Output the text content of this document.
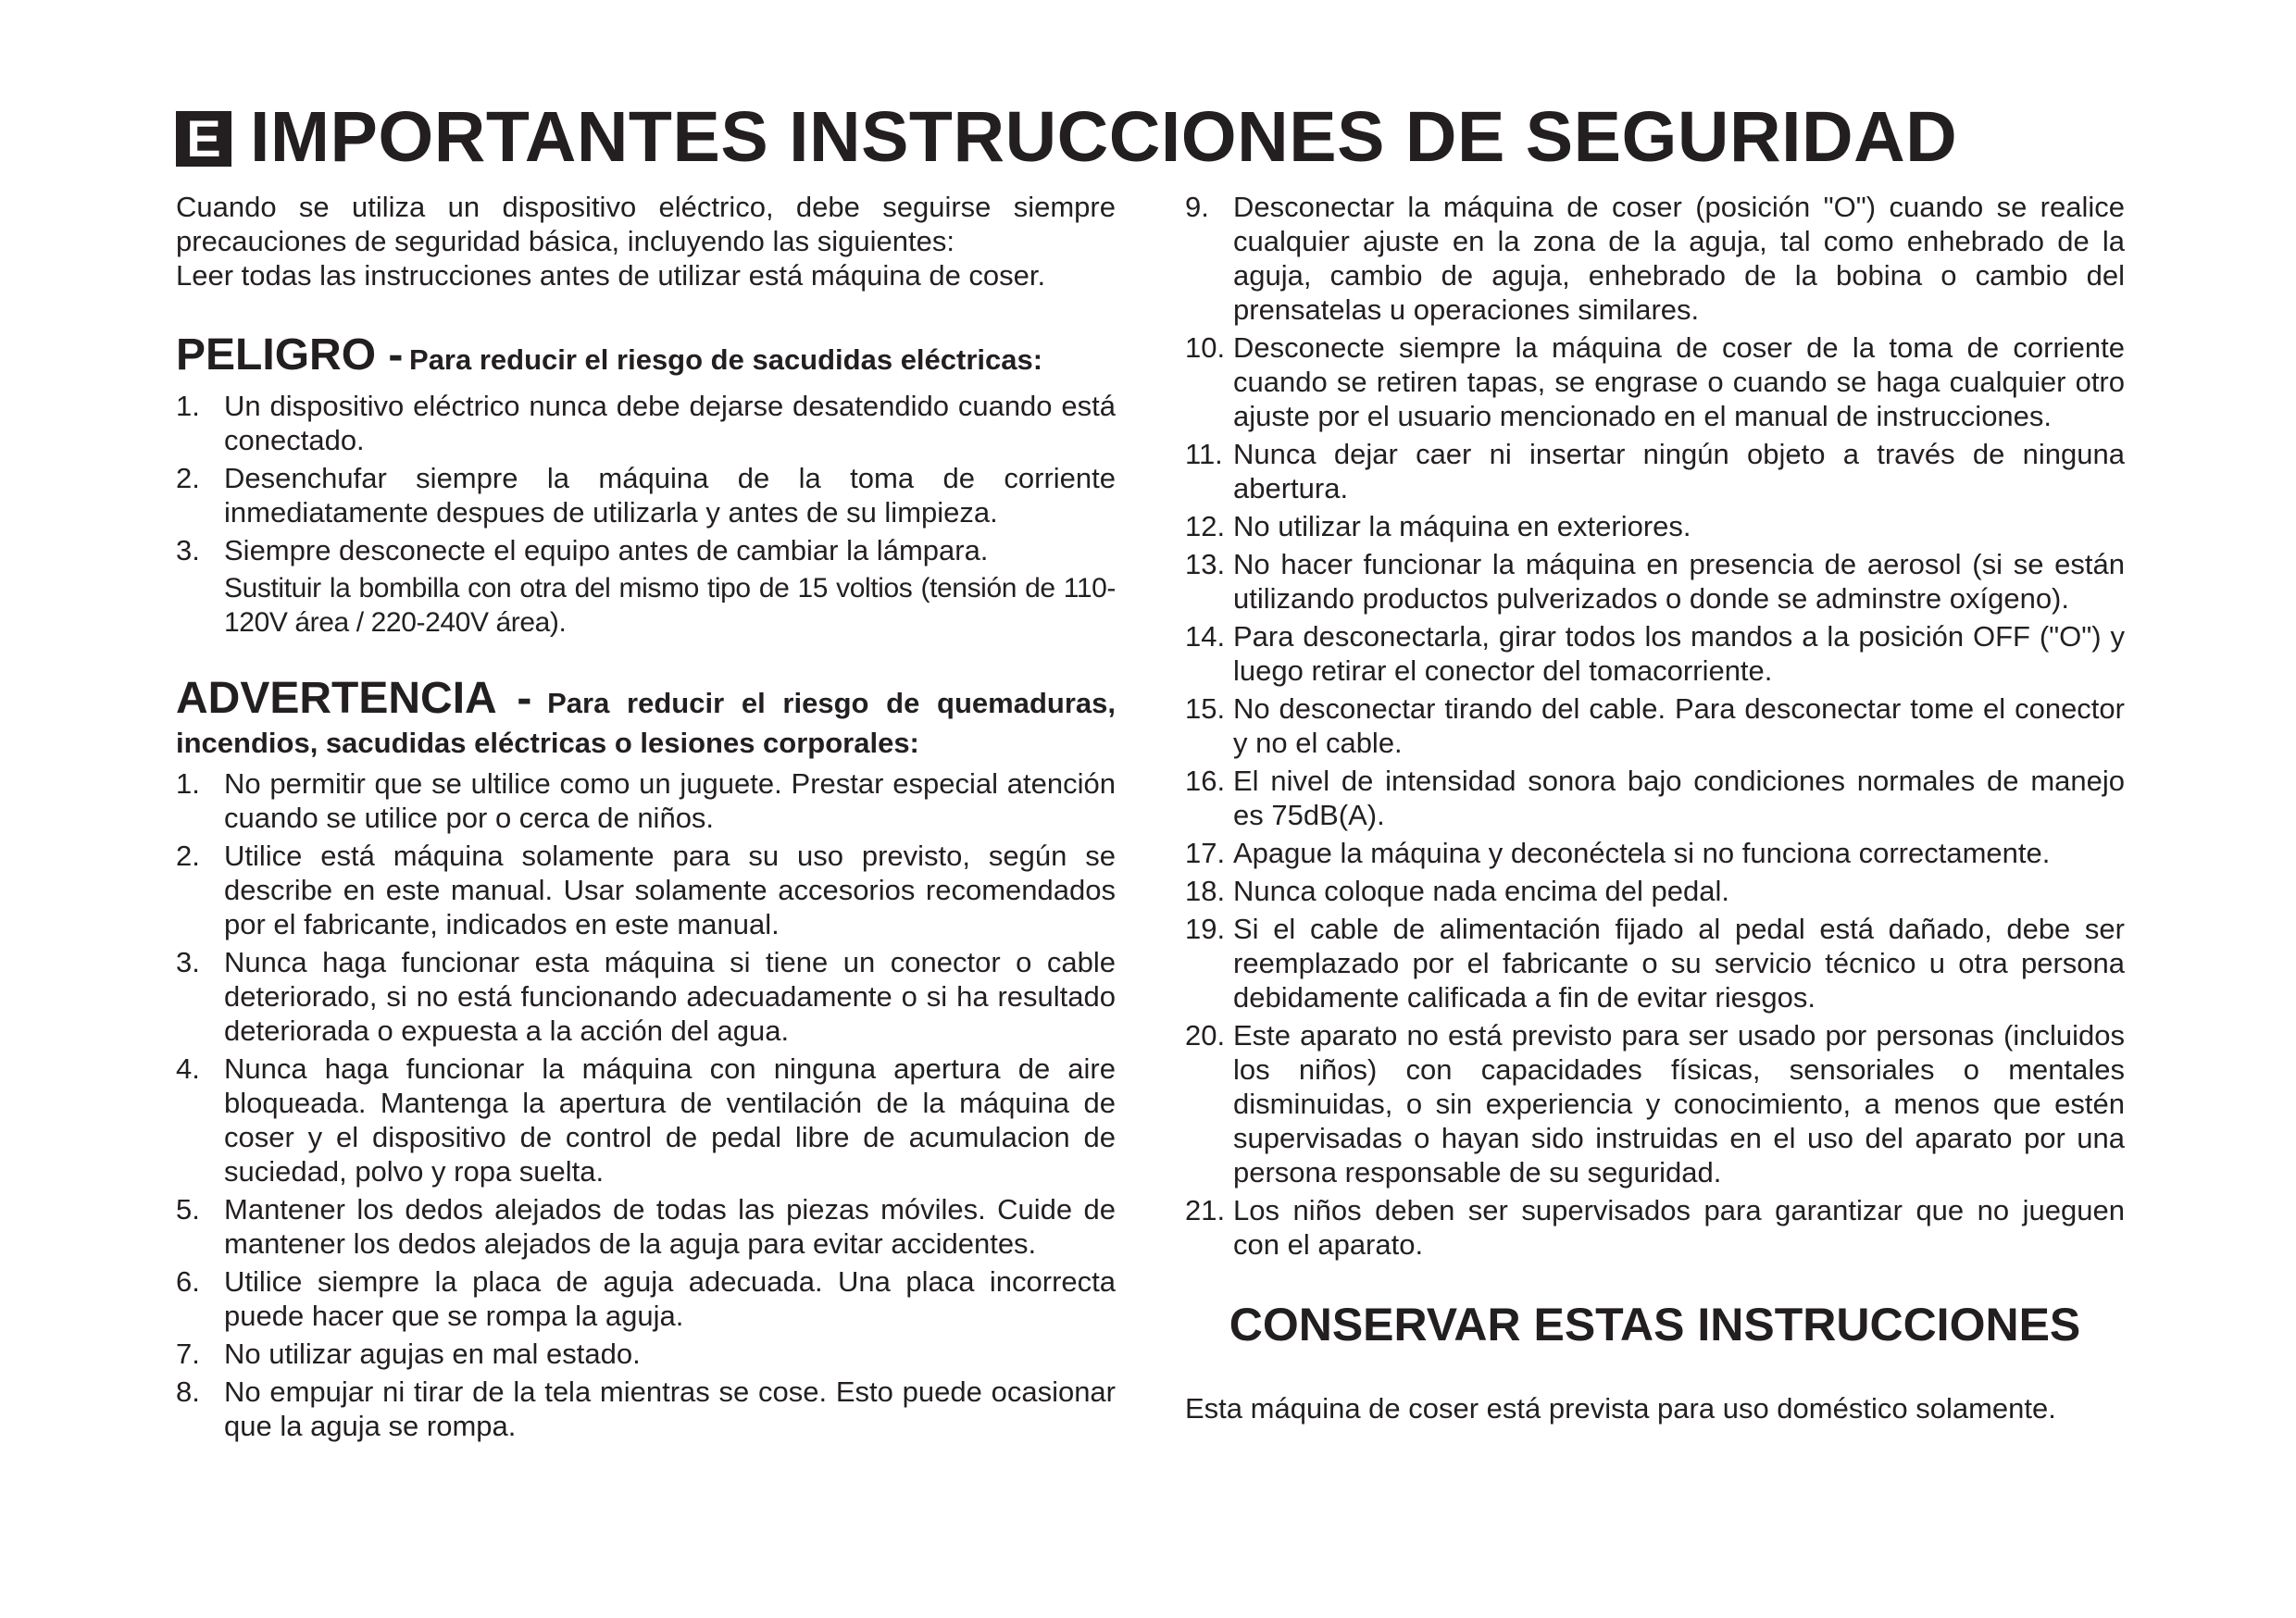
E IMPORTANTES INSTRUCCIONES DE SEGURIDAD

Cuando se utiliza un dispositivo eléctrico, debe seguirse siempre precauciones de seguridad básica, incluyendo las siguientes:

Leer todas las instrucciones antes de utilizar está máquina de coser.

PELIGRO - Para reducir el riesgo de sacudidas eléctricas:
1. Un dispositivo eléctrico nunca debe dejarse desatendido cuando está conectado.
2. Desenchufar siempre la máquina de la toma de corriente inmediatamente despues de utilizarla y antes de su limpieza.
3. Siempre desconecte el equipo antes de cambiar la lámpara.
Sustituir la bombilla con otra del mismo tipo de 15 voltios (tensión de 110-120V área / 220-240V área).
ADVERTENCIA - Para reducir el riesgo de quemaduras, incendios, sacudidas eléctricas o lesiones corporales:
1. No permitir que se ultilice como un juguete. Prestar especial atención cuando se utilice por o cerca de niños.
2. Utilice está máquina solamente para su uso previsto, según se describe en este manual. Usar solamente accesorios recomendados por el fabricante, indicados en este manual.
3. Nunca haga funcionar esta máquina si tiene un conector o cable deteriorado, si no está funcionando adecuadamente o si ha resultado deteriorada o expuesta a la acción del agua.
4. Nunca haga funcionar la máquina con ninguna apertura de aire bloqueada. Mantenga la apertura de ventilación de la máquina de coser y el dispositivo de control de pedal libre de acumulacion de suciedad, polvo y ropa suelta.
5. Mantener los dedos alejados de todas las piezas móviles. Cuide de mantener los dedos alejados de la aguja para evitar accidentes.
6. Utilice siempre la placa de aguja adecuada. Una placa incorrecta puede hacer que se rompa la aguja.
7. No utilizar agujas en mal estado.
8. No empujar ni tirar de la tela mientras se cose. Esto puede ocasionar que la aguja se rompa.
9. Desconectar la máquina de coser (posición "O") cuando se realice cualquier ajuste en la zona de la aguja, tal como enhebrado de la aguja, cambio de aguja, enhebrado de la bobina o cambio del prensatelas u operaciones similares.
10. Desconecte siempre la máquina de coser de la toma de corriente cuando se retiren tapas, se engrase o cuando se haga cualquier otro ajuste por el usuario mencionado en el manual de instrucciones.
11. Nunca dejar caer ni insertar ningún objeto a través de ninguna abertura.
12. No utilizar la máquina en exteriores.
13. No hacer funcionar la máquina en presencia de aerosol (si se están utilizando productos pulverizados o donde se adminstre oxígeno).
14. Para desconectarla, girar todos los mandos a la posición OFF ("O") y luego retirar el conector del tomacorriente.
15. No desconectar tirando del cable. Para desconectar tome el conector y no el cable.
16. El nivel de intensidad sonora bajo condiciones normales de manejo es 75dB(A).
17. Apague la máquina y deconéctela si no funciona correctamente.
18. Nunca coloque nada encima del pedal.
19. Si el cable de alimentación fijado al pedal está dañado, debe ser reemplazado por el fabricante o su servicio técnico u otra persona debidamente calificada a fin de evitar riesgos.
20. Este aparato no está previsto para ser usado por personas (incluidos los niños) con capacidades físicas, sensoriales o mentales disminuidas, o sin experiencia y conocimiento, a menos que estén supervisadas o hayan sido instruidas en el uso del aparato por una persona responsable de su seguridad.
21. Los niños deben ser supervisados para garantizar que no jueguen con el aparato.
CONSERVAR ESTAS INSTRUCCIONES

Esta máquina de coser está prevista para uso doméstico solamente.
